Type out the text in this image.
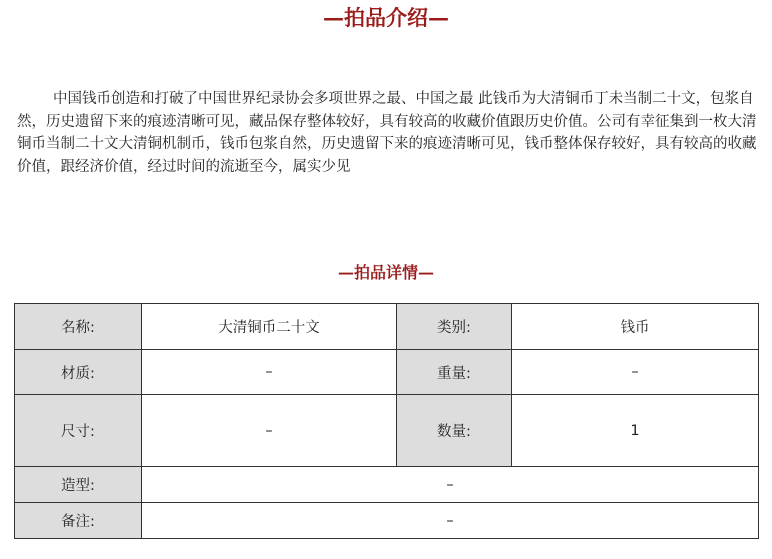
—拍品介绍—

中国钱币创造和打破了中国世界纪录协会多项世界之最、中国之最 此钱币为大清铜币丁未当制二十文，包浆自然，历史遗留下来的痕迹清晰可见，藏品保存整体较好，具有较高的收藏价值跟历史价值。公司有幸征集到一枚大清铜币当制二十文大清铜机制币，钱币包浆自然，历史遗留下来的痕迹清晰可见，钱币整体保存较好，具有较高的收藏价值，跟经济价值，经过时间的流逝至今，属实少见

—拍品详情—
名称:	大清铜币二十文	类别:	钱币
材质:	–	重量:	–
尺寸:	–	数量:	1
造型:	–		
备注:	–		
